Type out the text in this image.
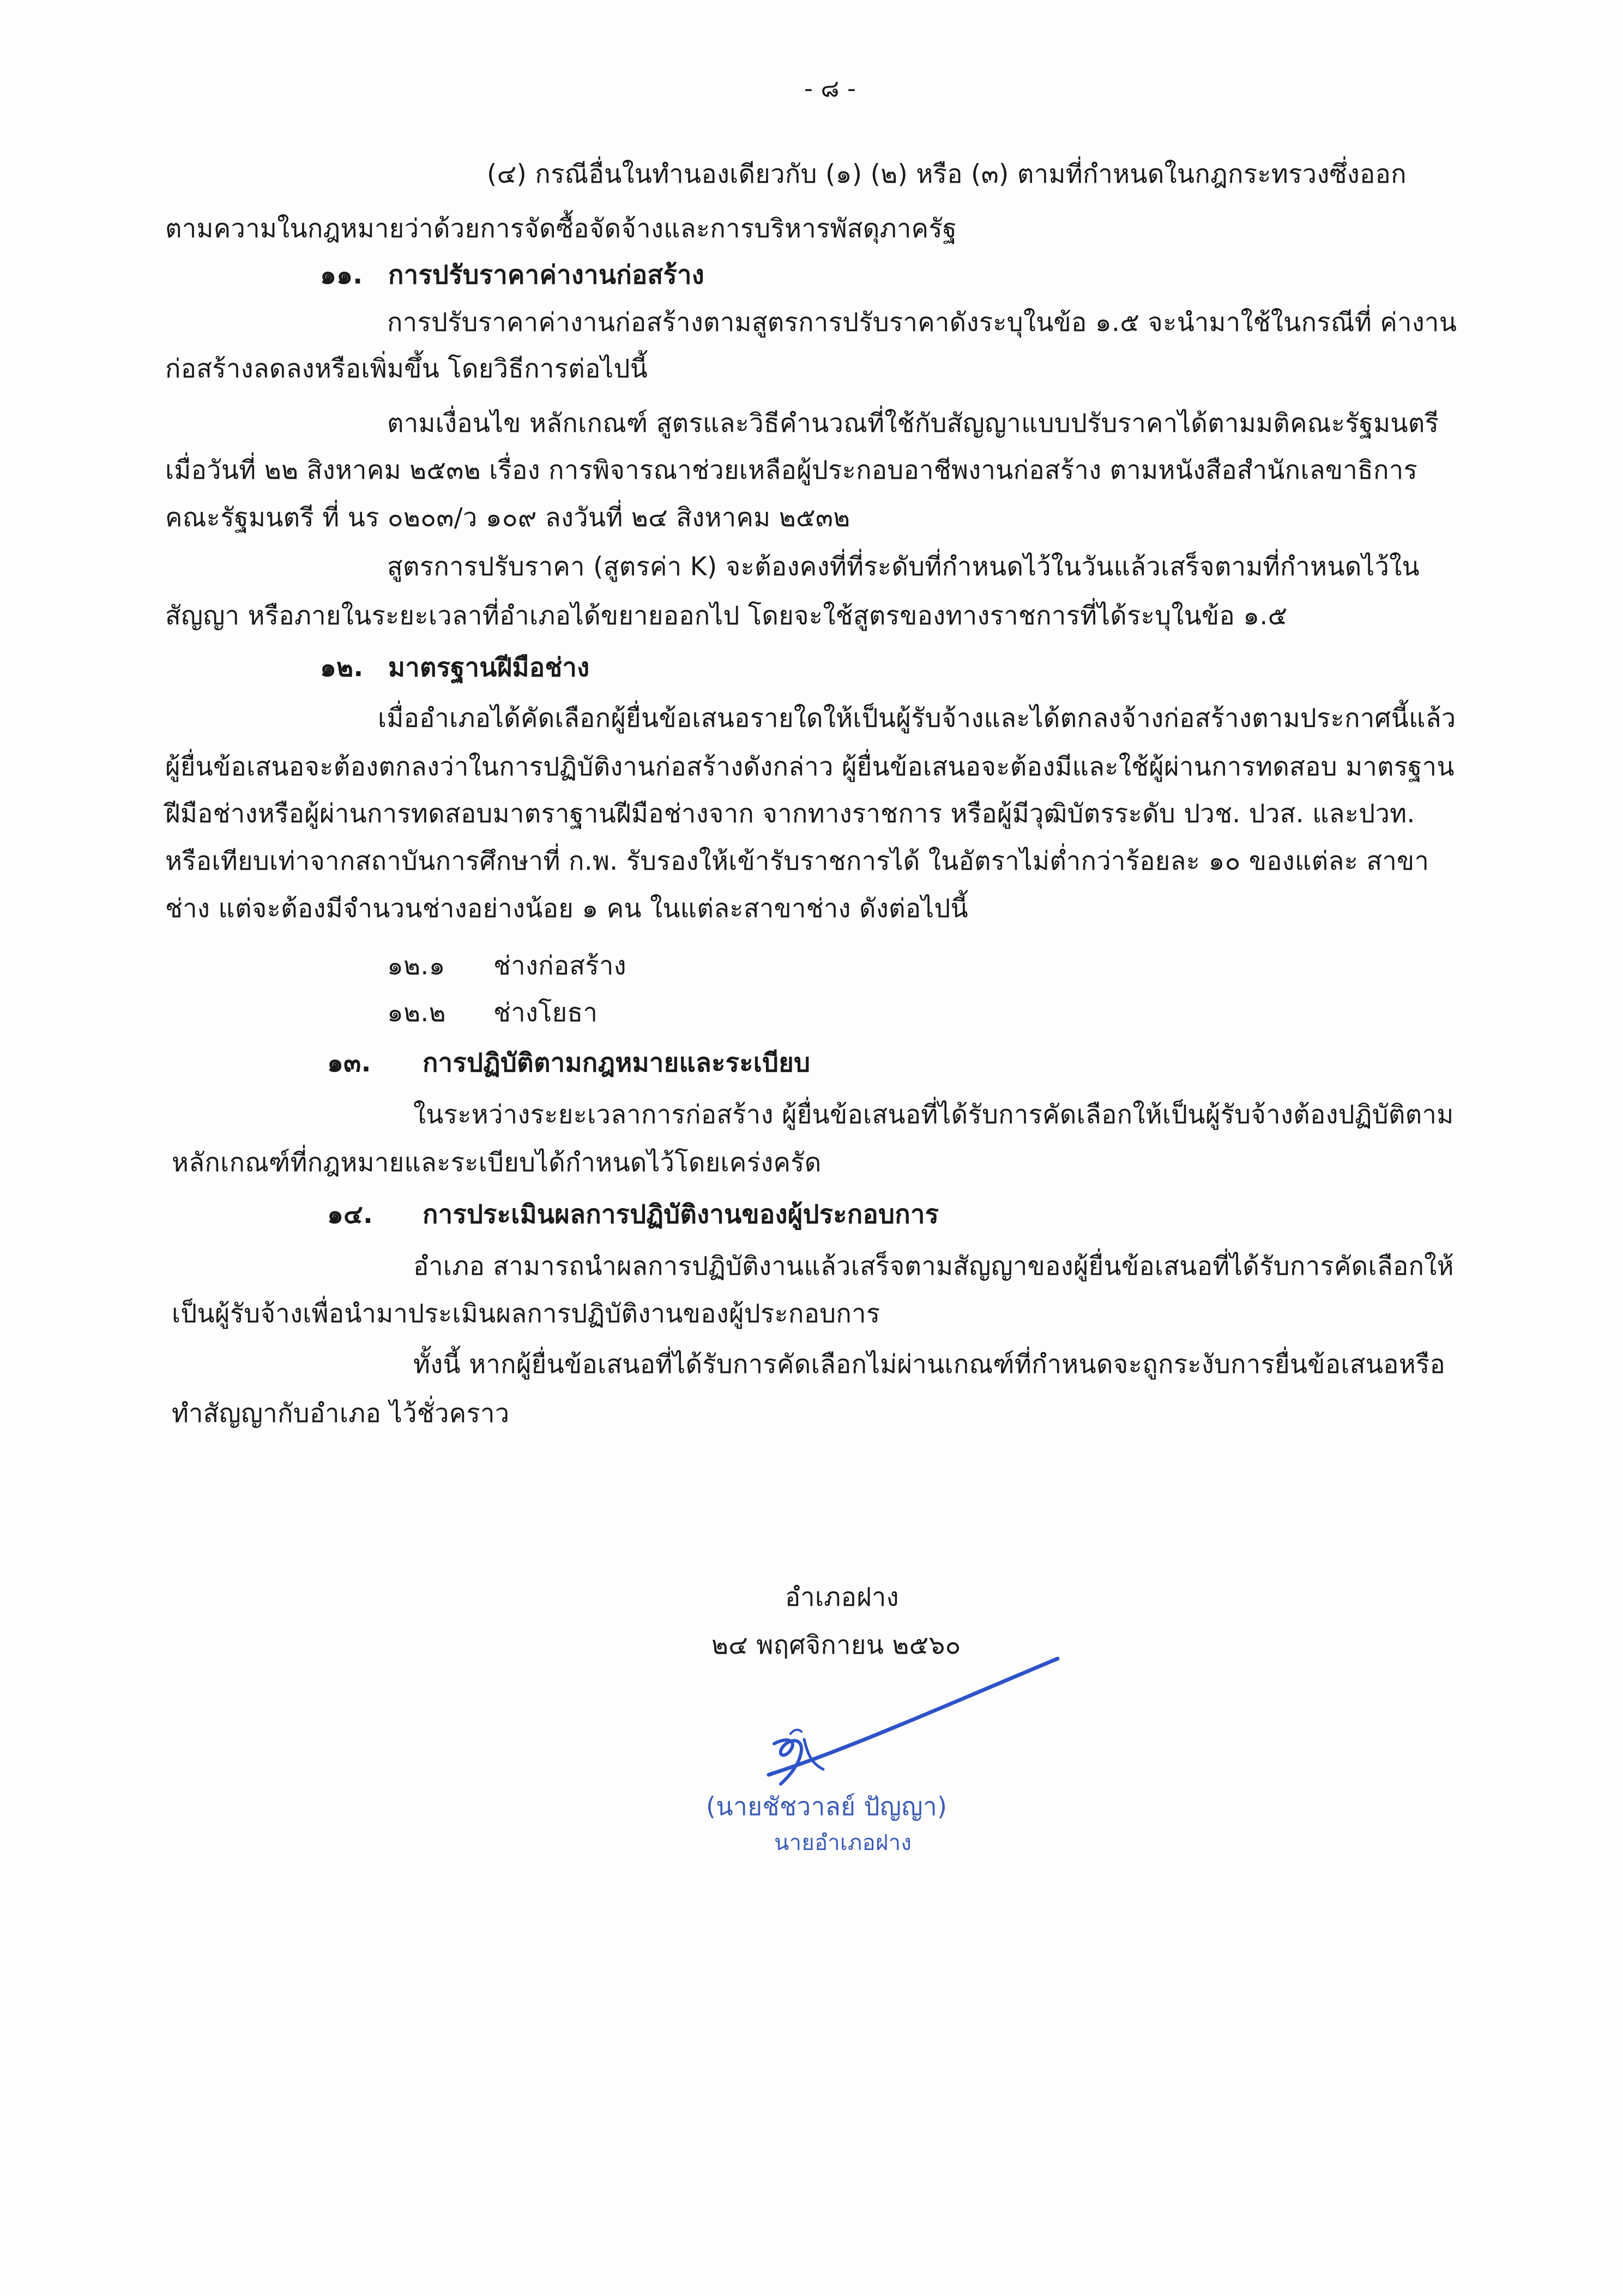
- ๘ -
(๔) กรณีอื่นในทำนองเดียวกับ (๑) (๒) หรือ (๓) ตามที่กำหนดในกฎกระทรวงซึ่งออก
ตามความในกฎหมายว่าด้วยการจัดซื้อจัดจ้างและการบริหารพัสดุภาครัฐ
๑๑. การปรับราคาค่างานก่อสร้าง
การปรับราคาค่างานก่อสร้างตามสูตรการปรับราคาดังระบุในข้อ ๑.๕ จะนำมาใช้ในกรณีที่ ค่างาน
ก่อสร้างลดลงหรือเพิ่มขึ้น โดยวิธีการต่อไปนี้
ตามเงื่อนไข หลักเกณฑ์ สูตรและวิธีคำนวณที่ใช้กับสัญญาแบบปรับราคาได้ตามมติคณะรัฐมนตรี
เมื่อวันที่ ๒๒ สิงหาคม ๒๕๓๒ เรื่อง การพิจารณาช่วยเหลือผู้ประกอบอาชีพงานก่อสร้าง ตามหนังสือสำนักเลขาธิการ
คณะรัฐมนตรี ที่ นร ๐๒๐๓/ว ๑๐๙ ลงวันที่ ๒๔ สิงหาคม ๒๕๓๒
สูตรการปรับราคา (สูตรค่า K) จะต้องคงที่ที่ระดับที่กำหนดไว้ในวันแล้วเสร็จตามที่กำหนดไว้ใน
สัญญา หรือภายในระยะเวลาที่อำเภอได้ขยายออกไป โดยจะใช้สูตรของทางราชการที่ได้ระบุในข้อ ๑.๕
๑๒. มาตรฐานฝีมือช่าง
เมื่ออำเภอได้คัดเลือกผู้ยื่นข้อเสนอรายใดให้เป็นผู้รับจ้างและได้ตกลงจ้างก่อสร้างตามประกาศนี้แล้ว
ผู้ยื่นข้อเสนอจะต้องตกลงว่าในการปฏิบัติงานก่อสร้างดังกล่าว ผู้ยื่นข้อเสนอจะต้องมีและใช้ผู้ผ่านการทดสอบ มาตรฐาน
ฝีมือช่างหรือผู้ผ่านการทดสอบมาตราฐานฝีมือช่างจาก จากทางราชการ หรือผู้มีวุฒิบัตรระดับ ปวช. ปวส. และปวท.
หรือเทียบเท่าจากสถาบันการศึกษาที่ ก.พ. รับรองให้เข้ารับราชการได้ ในอัตราไม่ต่ำกว่าร้อยละ ๑๐ ของแต่ละ สาขา
ช่าง แต่จะต้องมีจำนวนช่างอย่างน้อย ๑ คน ในแต่ละสาขาช่าง ดังต่อไปนี้
๑๒.๑ ช่างก่อสร้าง
๑๒.๒ ช่างโยธา
๑๓. การปฏิบัติตามกฎหมายและระเบียบ
ในระหว่างระยะเวลาการก่อสร้าง ผู้ยื่นข้อเสนอที่ได้รับการคัดเลือกให้เป็นผู้รับจ้างต้องปฏิบัติตาม
หลักเกณฑ์ที่กฎหมายและระเบียบได้กำหนดไว้โดยเคร่งครัด
๑๔. การประเมินผลการปฏิบัติงานของผู้ประกอบการ
อำเภอ สามารถนำผลการปฏิบัติงานแล้วเสร็จตามสัญญาของผู้ยื่นข้อเสนอที่ได้รับการคัดเลือกให้
เป็นผู้รับจ้างเพื่อนำมาประเมินผลการปฏิบัติงานของผู้ประกอบการ
ทั้งนี้ หากผู้ยื่นข้อเสนอที่ได้รับการคัดเลือกไม่ผ่านเกณฑ์ที่กำหนดจะถูกระงับการยื่นข้อเสนอหรือ
ทำสัญญากับอำเภอ ไว้ชั่วคราว
อำเภอฝาง
๒๔ พฤศจิกายน ๒๕๖๐
(นายชัชวาลย์ ปัญญา)
นายอำเภอฝาง
